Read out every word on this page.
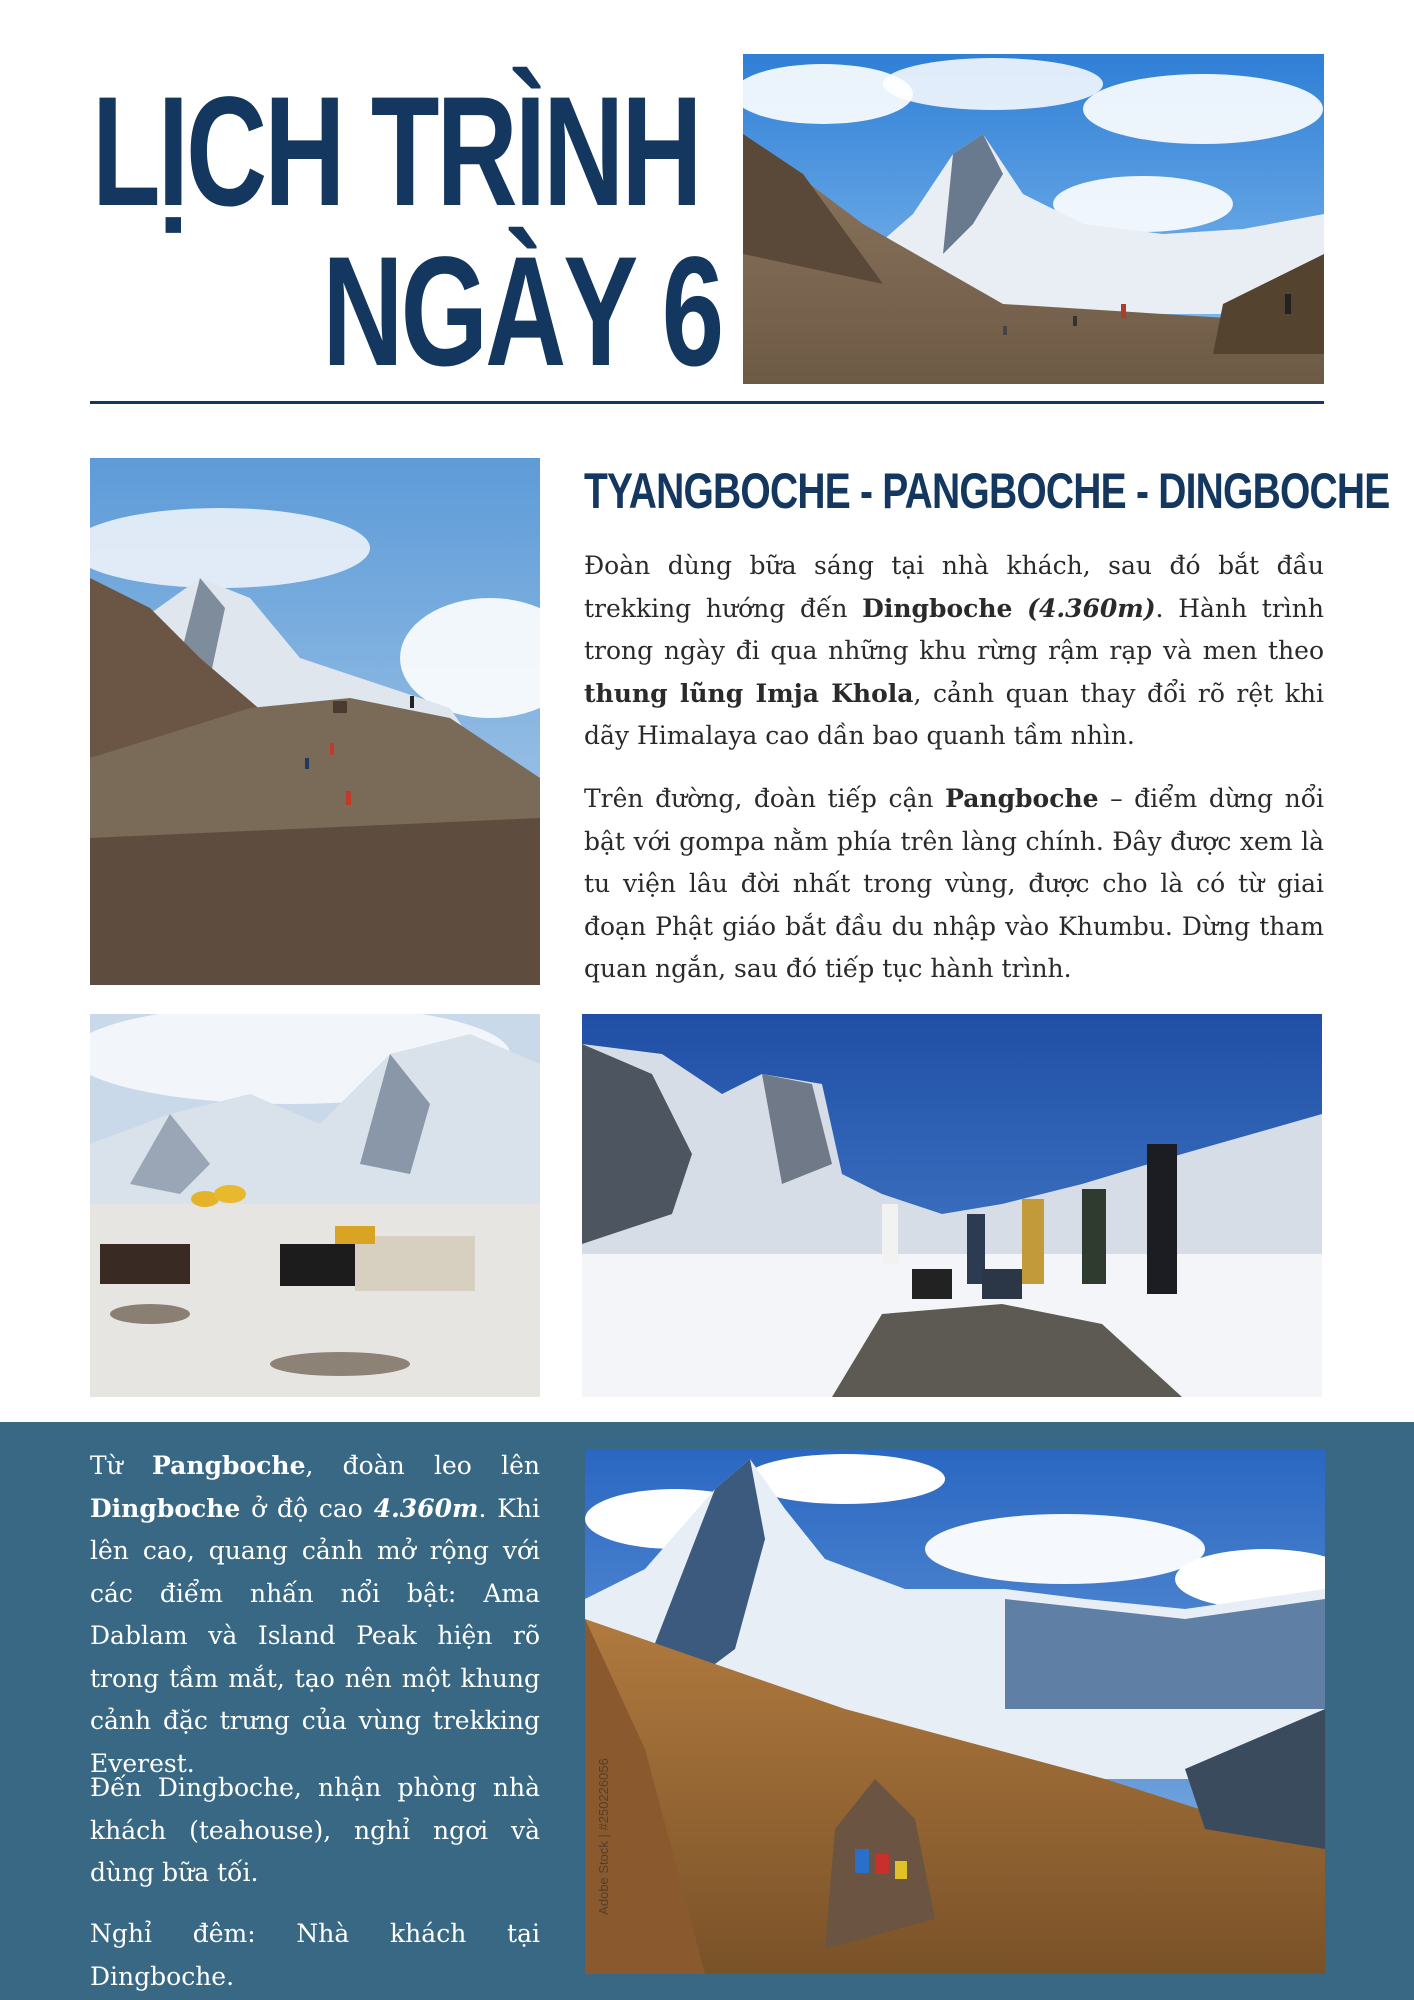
LỊCH TRÌNH
NGÀY 6
TYANGBOCHE - PANGBOCHE - DINGBOCHE

Đoàn dùng bữa sáng tại nhà khách, sau đó bắt đầu trekking hướng đến Dingboche (4.360m). Hành trình trong ngày đi qua những khu rừng rậm rạp và men theo thung lũng Imja Khola, cảnh quan thay đổi rõ rệt khi dãy Himalaya cao dần bao quanh tầm nhìn.

Trên đường, đoàn tiếp cận Pangboche – điểm dừng nổi bật với gompa nằm phía trên làng chính. Đây được xem là tu viện lâu đời nhất trong vùng, được cho là có từ giai đoạn Phật giáo bắt đầu du nhập vào Khumbu. Dừng tham quan ngắn, sau đó tiếp tục hành trình.

Từ Pangboche, đoàn leo lên Dingboche ở độ cao 4.360m. Khi lên cao, quang cảnh mở rộng với các điểm nhấn nổi bật: Ama Dablam và Island Peak hiện rõ trong tầm mắt, tạo nên một khung cảnh đặc trưng của vùng trekking Everest.

Đến Dingboche, nhận phòng nhà khách (teahouse), nghỉ ngơi và dùng bữa tối.

Nghỉ đêm: Nhà khách tại Dingboche.

Adobe Stock | #250226056
